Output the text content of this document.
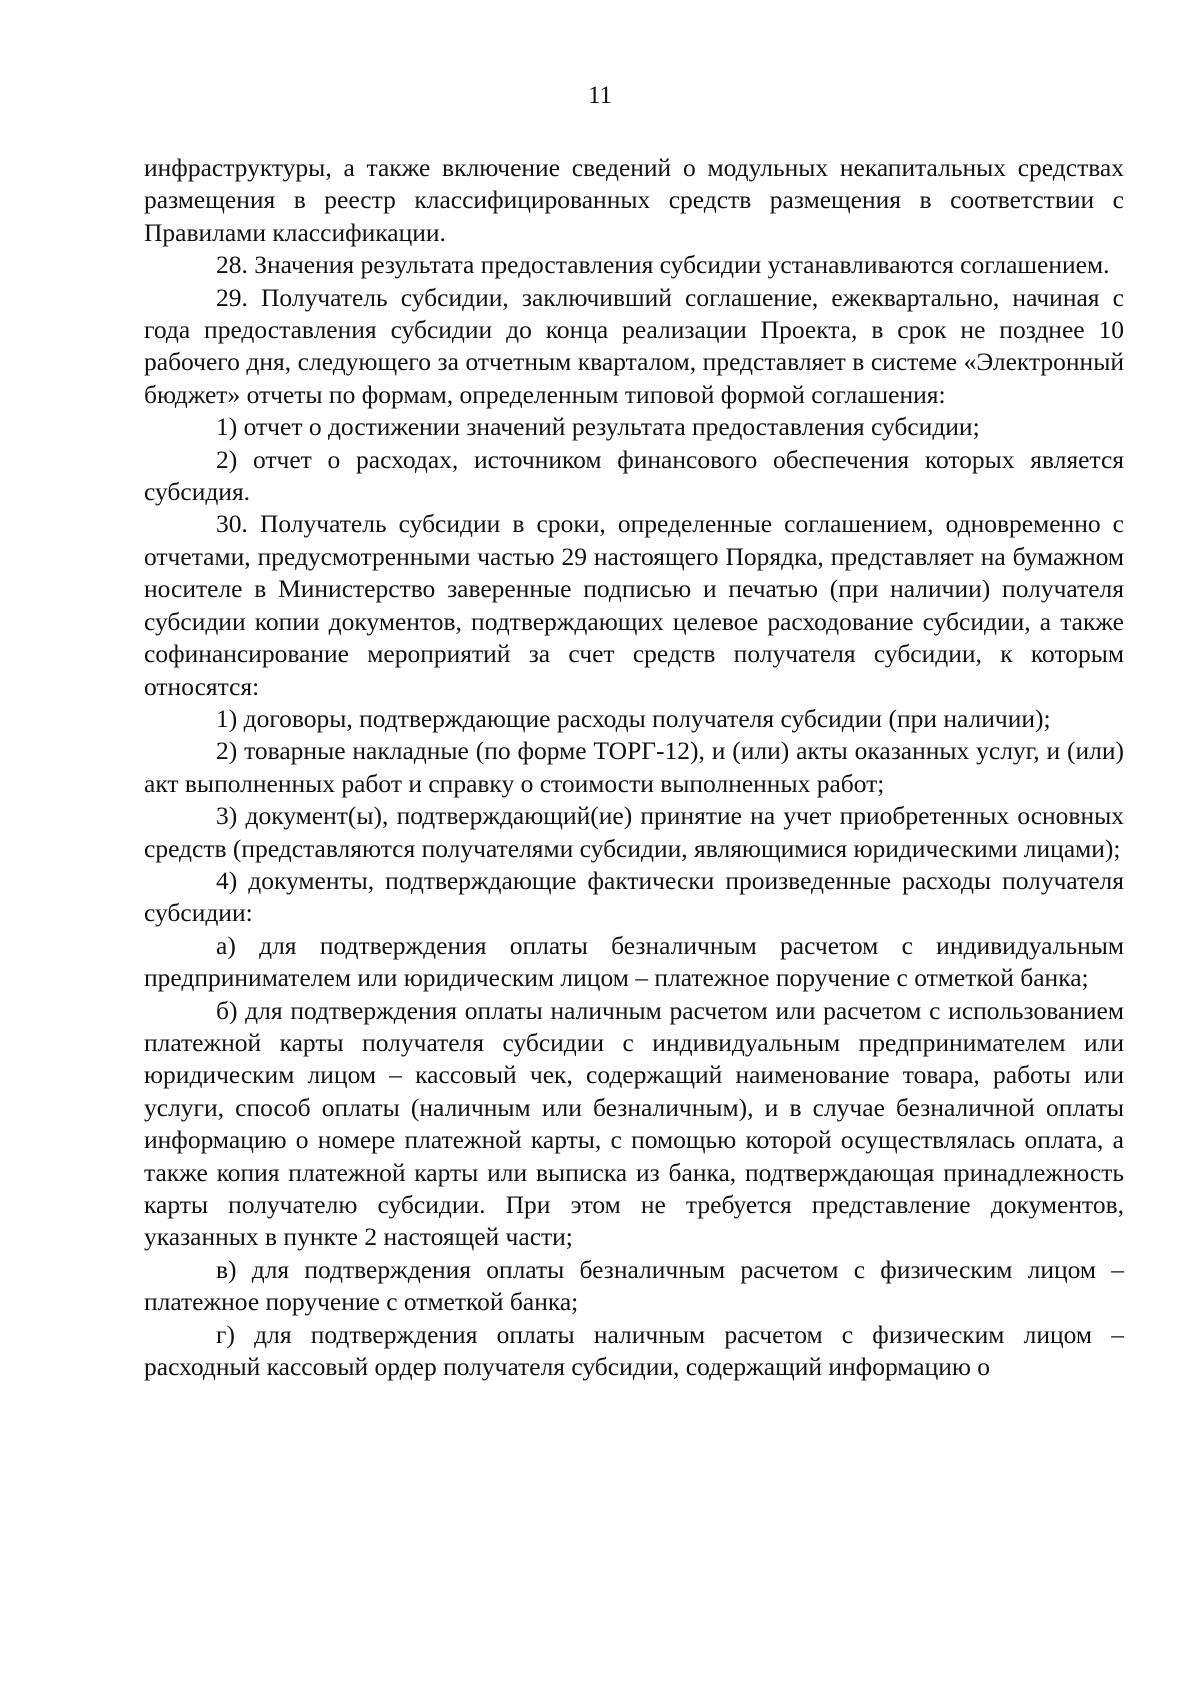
11

инфраструктуры, а также включение сведений о модульных некапитальных средствах размещения в реестр классифицированных средств размещения в соответствии с Правилами классификации.

28. Значения результата предоставления субсидии устанавливаются соглашением.

29. Получатель субсидии, заключивший соглашение, ежеквартально, начиная с года предоставления субсидии до конца реализации Проекта, в срок не позднее 10 рабочего дня, следующего за отчетным кварталом, представляет в системе «Электронный бюджет» отчеты по формам, определенным типовой формой соглашения:

1) отчет о достижении значений результата предоставления субсидии;

2) отчет о расходах, источником финансового обеспечения которых является субсидия.

30. Получатель субсидии в сроки, определенные соглашением, одновременно с отчетами, предусмотренными частью 29 настоящего Порядка, представляет на бумажном носителе в Министерство заверенные подписью и печатью (при наличии) получателя субсидии копии документов, подтверждающих целевое расходование субсидии, а также софинансирование мероприятий за счет средств получателя субсидии, к которым относятся:

1) договоры, подтверждающие расходы получателя субсидии (при наличии);

2) товарные накладные (по форме ТОРГ-12), и (или) акты оказанных услуг, и (или) акт выполненных работ и справку о стоимости выполненных работ;

3) документ(ы), подтверждающий(ие) принятие на учет приобретенных основных средств (представляются получателями субсидии, являющимися юридическими лицами);

4) документы, подтверждающие фактически произведенные расходы получателя субсидии:

а) для подтверждения оплаты безналичным расчетом с индивидуальным предпринимателем или юридическим лицом – платежное поручение с отметкой банка;

б) для подтверждения оплаты наличным расчетом или расчетом с использованием платежной карты получателя субсидии с индивидуальным предпринимателем или юридическим лицом – кассовый чек, содержащий наименование товара, работы или услуги, способ оплаты (наличным или безналичным), и в случае безналичной оплаты информацию о номере платежной карты, с помощью которой осуществлялась оплата, а также копия платежной карты или выписка из банка, подтверждающая принадлежность карты получателю субсидии. При этом не требуется представление документов, указанных в пункте 2 настоящей части;

в) для подтверждения оплаты безналичным расчетом с физическим лицом – платежное поручение с отметкой банка;

г) для подтверждения оплаты наличным расчетом с физическим лицом – расходный кассовый ордер получателя субсидии, содержащий информацию о
